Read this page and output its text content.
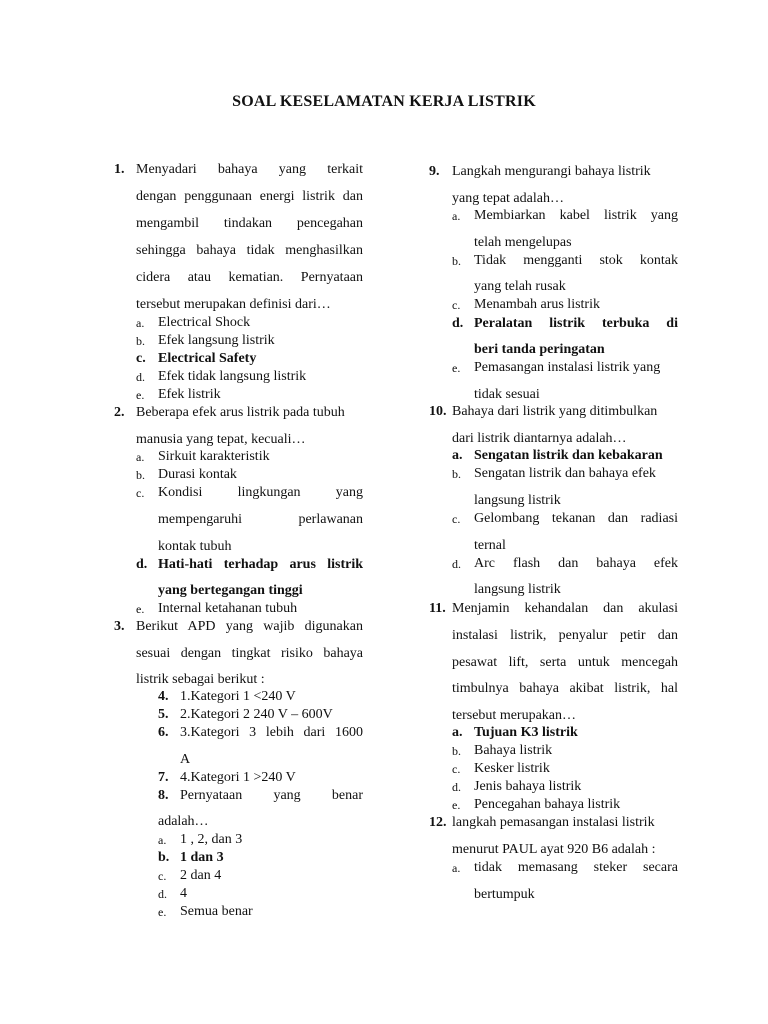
SOAL KESELAMATAN KERJA LISTRIK
1. Menyadari bahaya yang terkait
dengan penggunaan energi listrik dan
mengambil tindakan pencegahan
sehingga bahaya tidak menghasilkan
cidera atau kematian. Pernyataan
tersebut merupakan definisi dari…
a. Electrical Shock
b. Efek langsung listrik
c. Electrical Safety
d. Efek tidak langsung listrik
e. Efek listrik
2. Beberapa efek arus listrik pada tubuh
manusia yang tepat, kecuali…
a. Sirkuit karakteristik
b. Durasi kontak
c. Kondisi lingkungan yang
mempengaruhi perlawanan
kontak tubuh
d. Hati-hati terhadap arus listrik
yang bertegangan tinggi
e. Internal ketahanan tubuh
3. Berikut APD yang wajib digunakan
sesuai dengan tingkat risiko bahaya
listrik sebagai berikut :
4. 1.Kategori 1 <240 V
5. 2.Kategori 2 240 V – 600V
6. 3.Kategori 3 lebih dari 1600
A
7. 4.Kategori 1 >240 V
8. Pernyataan yang benar
adalah…
a. 1 , 2, dan 3
b. 1 dan 3
c. 2 dan 4
d. 4
e. Semua benar
9. Langkah mengurangi bahaya listrik
yang tepat adalah…
a. Membiarkan kabel listrik yang
telah mengelupas
b. Tidak mengganti stok kontak
yang telah rusak
c. Menambah arus listrik
d. Peralatan listrik terbuka di
beri tanda peringatan
e. Pemasangan instalasi listrik yang
tidak sesuai
10. Bahaya dari listrik yang ditimbulkan
dari listrik diantarnya adalah…
a. Sengatan listrik dan kebakaran
b. Sengatan listrik dan bahaya efek
langsung listrik
c. Gelombang tekanan dan radiasi
ternal
d. Arc flash dan bahaya efek
langsung listrik
11. Menjamin kehandalan dan akulasi
instalasi listrik, penyalur petir dan
pesawat lift, serta untuk mencegah
timbulnya bahaya akibat listrik, hal
tersebut merupakan…
a. Tujuan K3 listrik
b. Bahaya listrik
c. Kesker listrik
d. Jenis bahaya listrik
e. Pencegahan bahaya listrik
12. langkah pemasangan instalasi listrik
menurut PAUL ayat 920 B6 adalah :
a. tidak memasang steker secara
bertumpuk
